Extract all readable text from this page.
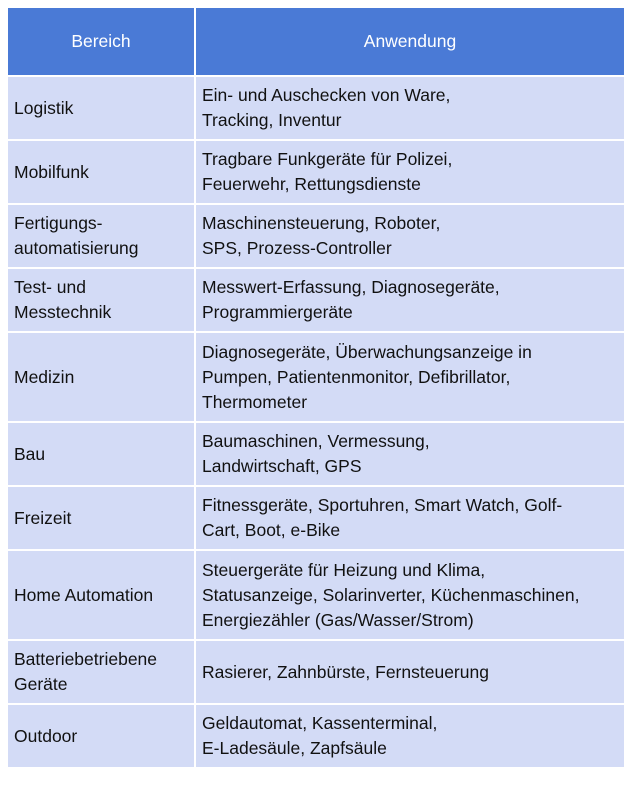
Bereich	Anwendung

Logistik	Ein- und Auschecken von Ware,
Tracking, Inventur

Mobilfunk	Tragbare Funkgeräte für Polizei,
Feuerwehr, Rettungsdienste

Fertigungs-
automatisierung	Maschinensteuerung, Roboter,
SPS, Prozess-Controller

Test- und
Messtechnik	Messwert-Erfassung, Diagnosegeräte,
Programmiergeräte

Medizin	Diagnosegeräte, Überwachungsanzeige in
Pumpen, Patientenmonitor, Defibrillator,
Thermometer

Bau	Baumaschinen, Vermessung,
Landwirtschaft, GPS

Freizeit	Fitnessgeräte, Sportuhren, Smart Watch, Golf-
Cart, Boot, e-Bike

Home Automation	Steuergeräte für Heizung und Klima,
Statusanzeige, Solarinverter, Küchenmaschinen,
Energiezähler (Gas/Wasser/Strom)

Batteriebetriebene
Geräte	Rasierer, Zahnbürste, Fernsteuerung

Outdoor	Geldautomat, Kassenterminal,
E-Ladesäule, Zapfsäule
